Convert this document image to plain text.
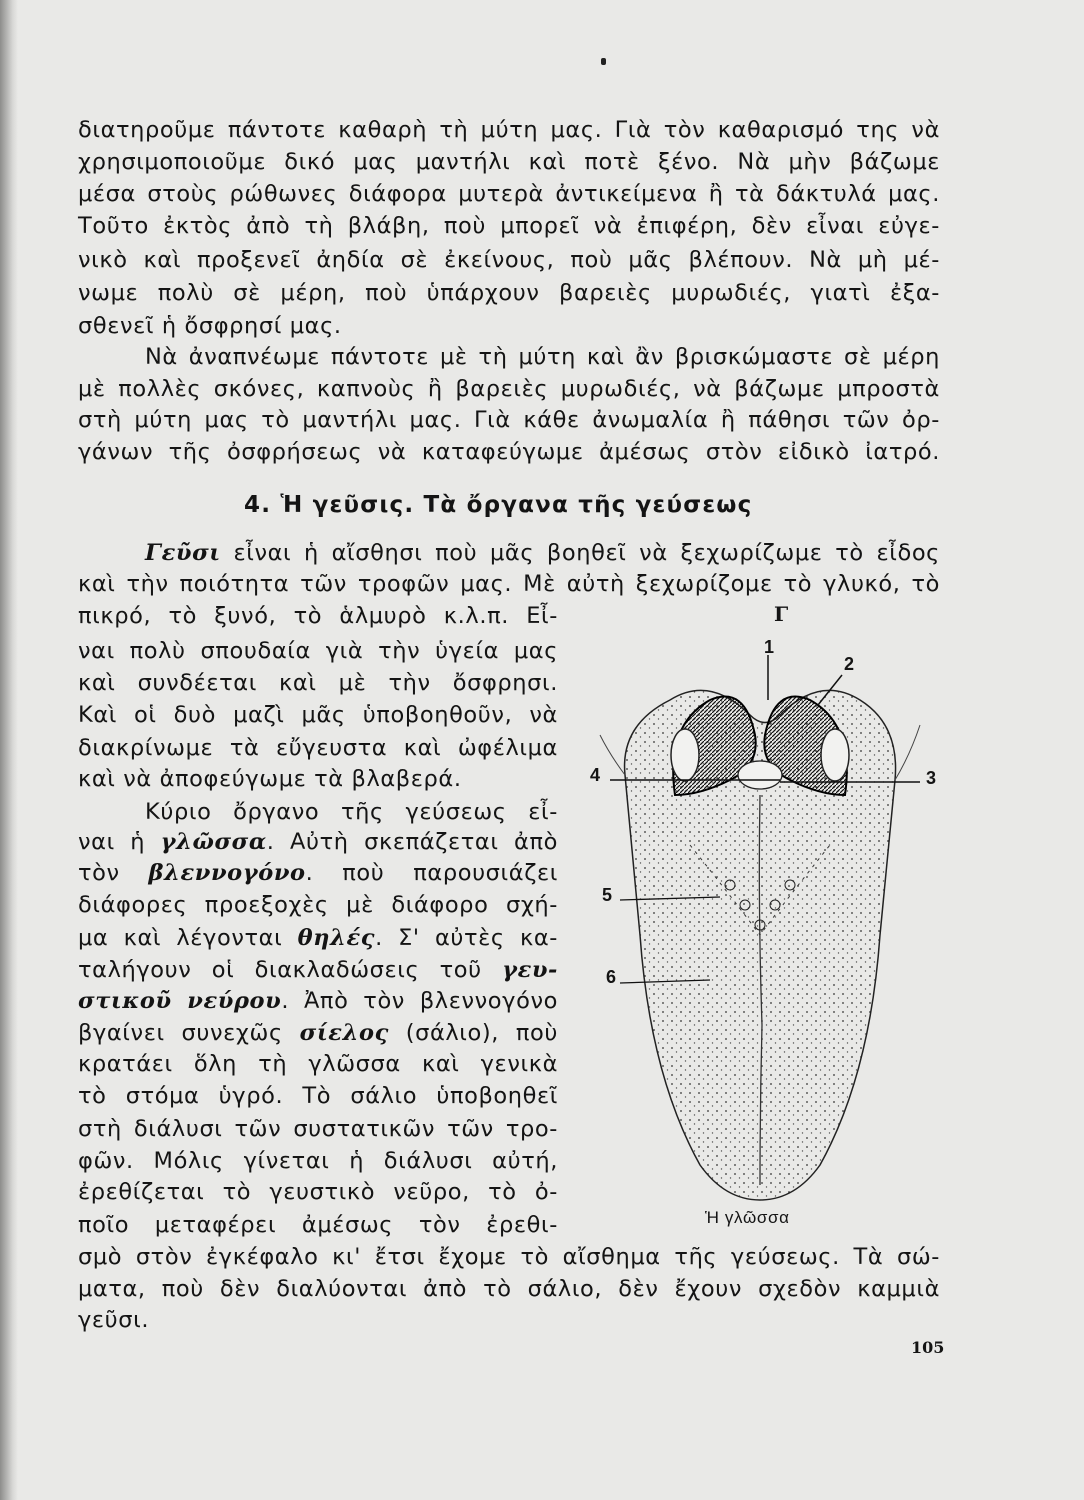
διατηροῦμε πάντοτε καθαρὴ τὴ μύτη μας. Γιὰ τὸν καθαρισμό της νὰ
χρησιμοποιοῦμε δικό μας μαντήλι καὶ ποτὲ ξένο. Νὰ μὴν βάζωμε
μέσα στοὺς ρώθωνες διάφορα μυτερὰ ἀντικείμενα ἢ τὰ δάκτυλά μας.
Τοῦτο ἐκτὸς ἀπὸ τὴ βλάβη, ποὺ μπορεῖ νὰ ἐπιφέρη, δὲν εἶναι εὐγε-
νικὸ καὶ προξενεῖ ἀηδία σὲ ἐκείνους, ποὺ μᾶς βλέπουν. Νὰ μὴ μέ-
νωμε πολὺ σὲ μέρη, ποὺ ὑπάρχουν βαρειὲς μυρωδιές, γιατὶ ἐξα-
σθενεῖ ἡ ὄσφρησί μας.
Νὰ ἀναπνέωμε πάντοτε μὲ τὴ μύτη καὶ ἂν βρισκώμαστε σὲ μέρη
μὲ πολλὲς σκόνες, καπνοὺς ἢ βαρειὲς μυρωδιές, νὰ βάζωμε μπροστὰ
στὴ μύτη μας τὸ μαντήλι μας. Γιὰ κάθε ἀνωμαλία ἢ πάθησι τῶν ὀρ-
γάνων τῆς ὀσφρήσεως νὰ καταφεύγωμε ἀμέσως στὸν εἰδικὸ ἰατρό.
4. Ἡ γεῦσις. Τὰ ὄργανα τῆς γεύσεως
Γεῦσι εἶναι ἡ αἴσθησι ποὺ μᾶς βοηθεῖ νὰ ξεχωρίζωμε τὸ εἶδος
καὶ τὴν ποιότητα τῶν τροφῶν μας. Μὲ αὐτὴ ξεχωρίζομε τὸ γλυκό, τὸ
πικρό, τὸ ξυνό, τὸ ἁλμυρὸ κ.λ.π. Εἶ-
ναι πολὺ σπουδαία γιὰ τὴν ὑγεία μας
καὶ συνδέεται καὶ μὲ τὴν ὄσφρησι.
Καὶ οἱ δυὸ μαζὶ μᾶς ὑποβοηθοῦν, νὰ
διακρίνωμε τὰ εὔγευστα καὶ ὠφέλιμα
καὶ νὰ ἀποφεύγωμε τὰ βλαβερά.
Κύριο ὄργανο τῆς γεύσεως εἶ-
ναι ἡ γλῶσσα. Αὐτὴ σκεπάζεται ἀπὸ
τὸν βλεννογόνο. ποὺ παρουσιάζει
διάφορες προεξοχὲς μὲ διάφορο σχή-
μα καὶ λέγονται θηλές. Σ' αὐτὲς κα-
ταλήγουν οἱ διακλαδώσεις τοῦ γευ-
στικοῦ νεύρου. Ἀπὸ τὸν βλεννογόνο
βγαίνει συνεχῶς σίελος (σάλιο), ποὺ
κρατάει ὅλη τὴ γλῶσσα καὶ γενικὰ
τὸ στόμα ὑγρό. Τὸ σάλιο ὑποβοηθεῖ
στὴ διάλυσι τῶν συστατικῶν τῶν τρο-
φῶν. Μόλις γίνεται ἡ διάλυσι αὐτή,
ἐρεθίζεται τὸ γευστικὸ νεῦρο, τὸ ὀ-
ποῖο μεταφέρει ἀμέσως τὸν ἐρεθι-
σμὸ στὸν ἐγκέφαλο κι' ἔτσι ἔχομε τὸ αἴσθημα τῆς γεύσεως. Τὰ σώ-
ματα, ποὺ δὲν διαλύονται ἀπὸ τὸ σάλιο, δὲν ἔχουν σχεδὸν καμμιὰ
γεῦσι.
Γ
1
2
3
4
5
6
Ἡ γλῶσσα
105
